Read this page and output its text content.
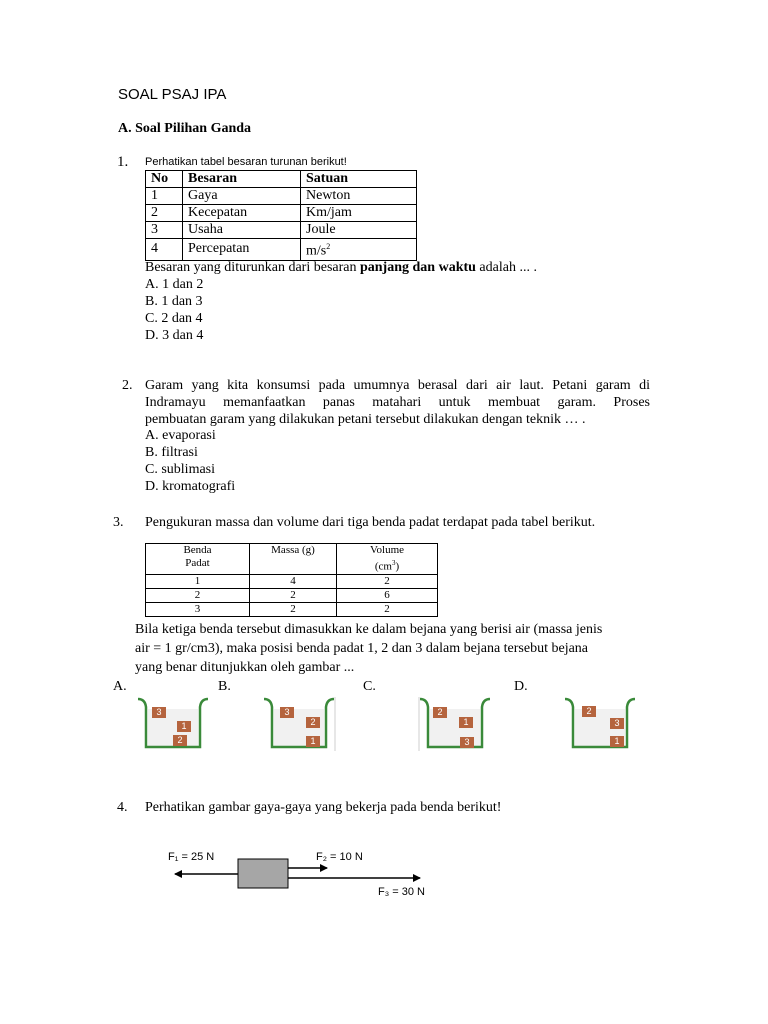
SOAL PSAJ IPA
A. Soal Pilihan Ganda
1. Perhatikan tabel besaran turunan berikut!
No	Besaran	Satuan
1	Gaya	Newton
2	Kecepatan	Km/jam
3	Usaha	Joule
4	Percepatan	$m/s^2$
Besaran yang diturunkan dari besaran panjang dan waktu adalah ... .
A. 1 dan 2
B. 1 dan 3
C. 2 dan 4
D. 3 dan 4
2. Garam yang kita konsumsi pada umumnya berasal dari air laut. Petani garam di
Indramayu memanfaatkan panas matahari untuk membuat garam. Proses
pembuatan garam yang dilakukan petani tersebut dilakukan dengan teknik … .
A. evaporasi
B. filtrasi
C. sublimasi
D. kromatografi
3. Pengukuran massa dan volume dari tiga benda padat terdapat pada tabel berikut.
Benda
Padat	Massa (g)	Volume
$(cm^3)$
1	4	2
2	2	6
3	2	2
Bila ketiga benda tersebut dimasukkan ke dalam bejana yang berisi air (massa jenis
air = 1 gr/cm3), maka posisi benda padat 1, 2 dan 3 dalam bejana tersebut bejana
yang benar ditunjukkan oleh gambar ...
A.	B.	C.	D.
3
1
2
3
2
1
2
1
3
2
3
1
4. Perhatikan gambar gaya-gaya yang bekerja pada benda berikut!
F₁ = 25 N	F₂ = 10 N
F₃ = 30 N
